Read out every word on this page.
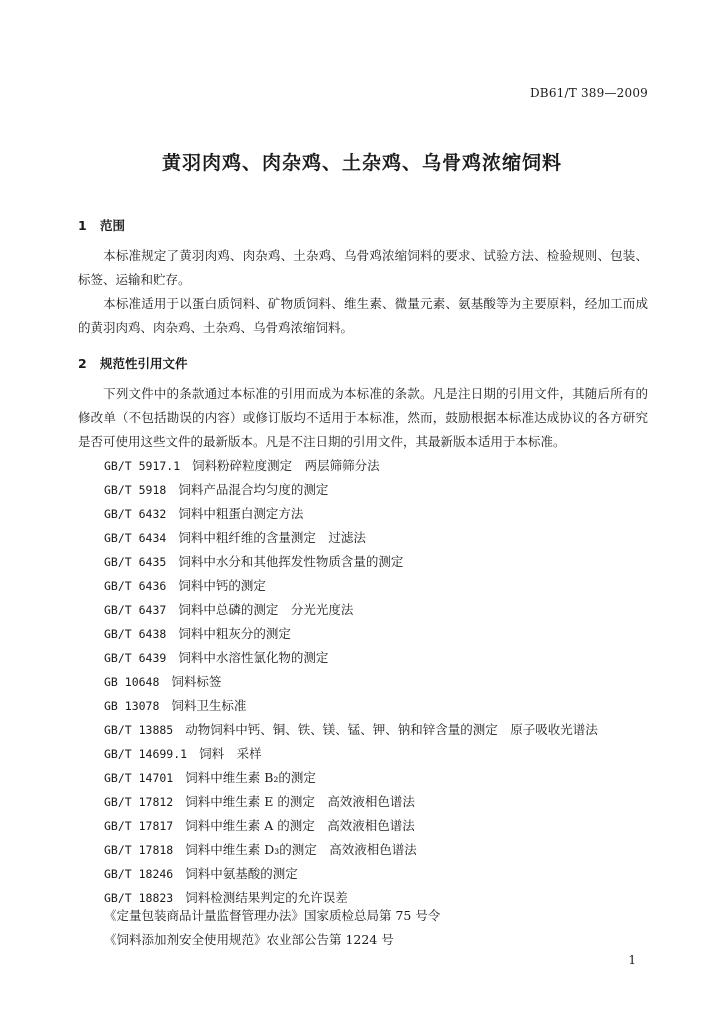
DB61/T 389—2009
黄羽肉鸡、肉杂鸡、土杂鸡、乌骨鸡浓缩饲料
1 范围
本标准规定了黄羽肉鸡、肉杂鸡、土杂鸡、乌骨鸡浓缩饲料的要求、试验方法、检验规则、包装、标签、运输和贮存。
本标准适用于以蛋白质饲料、矿物质饲料、维生素、微量元素、氨基酸等为主要原料，经加工而成的黄羽肉鸡、肉杂鸡、土杂鸡、乌骨鸡浓缩饲料。
2 规范性引用文件
下列文件中的条款通过本标准的引用而成为本标准的条款。凡是注日期的引用文件，其随后所有的修改单（不包括勘误的内容）或修订版均不适用于本标准，然而，鼓励根据本标准达成协议的各方研究是否可使用这些文件的最新版本。凡是不注日期的引用文件，其最新版本适用于本标准。
GB/T 5917.1 饲料粉碎粒度测定　两层筛筛分法
GB/T 5918 饲料产品混合均匀度的测定
GB/T 6432 饲料中粗蛋白测定方法
GB/T 6434 饲料中粗纤维的含量测定　过滤法
GB/T 6435 饲料中水分和其他挥发性物质含量的测定
GB/T 6436 饲料中钙的测定
GB/T 6437 饲料中总磷的测定　分光光度法
GB/T 6438 饲料中粗灰分的测定
GB/T 6439 饲料中水溶性氯化物的测定
GB 10648 饲料标签
GB 13078 饲料卫生标准
GB/T 13885 动物饲料中钙、铜、铁、镁、锰、钾、钠和锌含量的测定　原子吸收光谱法
GB/T 14699.1 饲料　采样
GB/T 14701 饲料中维生素 B₂的测定
GB/T 17812 饲料中维生素 E 的测定　高效液相色谱法
GB/T 17817 饲料中维生素 A 的测定　高效液相色谱法
GB/T 17818 饲料中维生素 D₃的测定　高效液相色谱法
GB/T 18246 饲料中氨基酸的测定
GB/T 18823 饲料检测结果判定的允许误差
《定量包装商品计量监督管理办法》国家质检总局第 75 号令
《饲料添加剂安全使用规范》农业部公告第 1224 号
1
